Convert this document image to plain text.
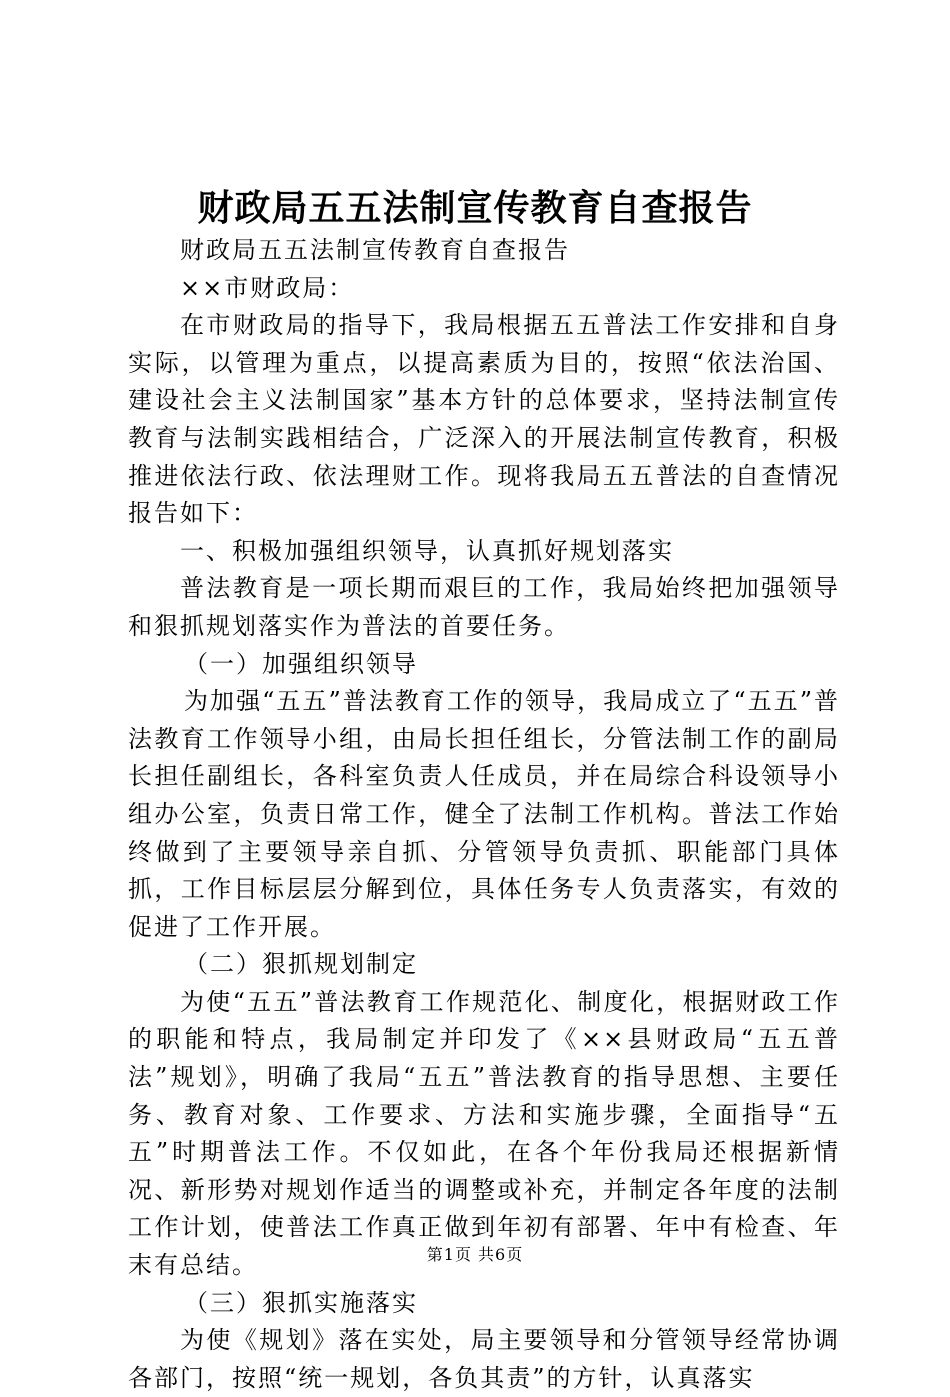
财政局五五法制宣传教育自查报告

财政局五五法制宣传教育自查报告

××市财政局：

在市财政局的指导下，我局根据五五普法工作安排和自身实际，以管理为重点，以提高素质为目的，按照“依法治国、建设社会主义法制国家”基本方针的总体要求，坚持法制宣传教育与法制实践相结合，广泛深入的开展法制宣传教育，积极推进依法行政、依法理财工作。现将我局五五普法的自查情况报告如下：

一、积极加强组织领导，认真抓好规划落实

普法教育是一项长期而艰巨的工作，我局始终把加强领导和狠抓规划落实作为普法的首要任务。

（一）加强组织领导

为加强“五五”普法教育工作的领导，我局成立了“五五”普法教育工作领导小组，由局长担任组长，分管法制工作的副局长担任副组长，各科室负责人任成员，并在局综合科设领导小组办公室，负责日常工作，健全了法制工作机构。普法工作始终做到了主要领导亲自抓、分管领导负责抓、职能部门具体抓，工作目标层层分解到位，具体任务专人负责落实，有效的促进了工作开展。

（二）狠抓规划制定

为使“五五”普法教育工作规范化、制度化，根据财政工作的职能和特点，我局制定并印发了《××县财政局“五五普法”规划》，明确了我局“五五”普法教育的指导思想、主要任务、教育对象、工作要求、方法和实施步骤，全面指导“五五”时期普法工作。不仅如此，在各个年份我局还根据新情况、新形势对规划作适当的调整或补充，并制定各年度的法制工作计划，使普法工作真正做到年初有部署、年中有检查、年末有总结。

（三）狠抓实施落实

为使《规划》落在实处，局主要领导和分管领导经常协调各部门，按照“统一规划，各负其责”的方针，认真落实

第1页 共6页
